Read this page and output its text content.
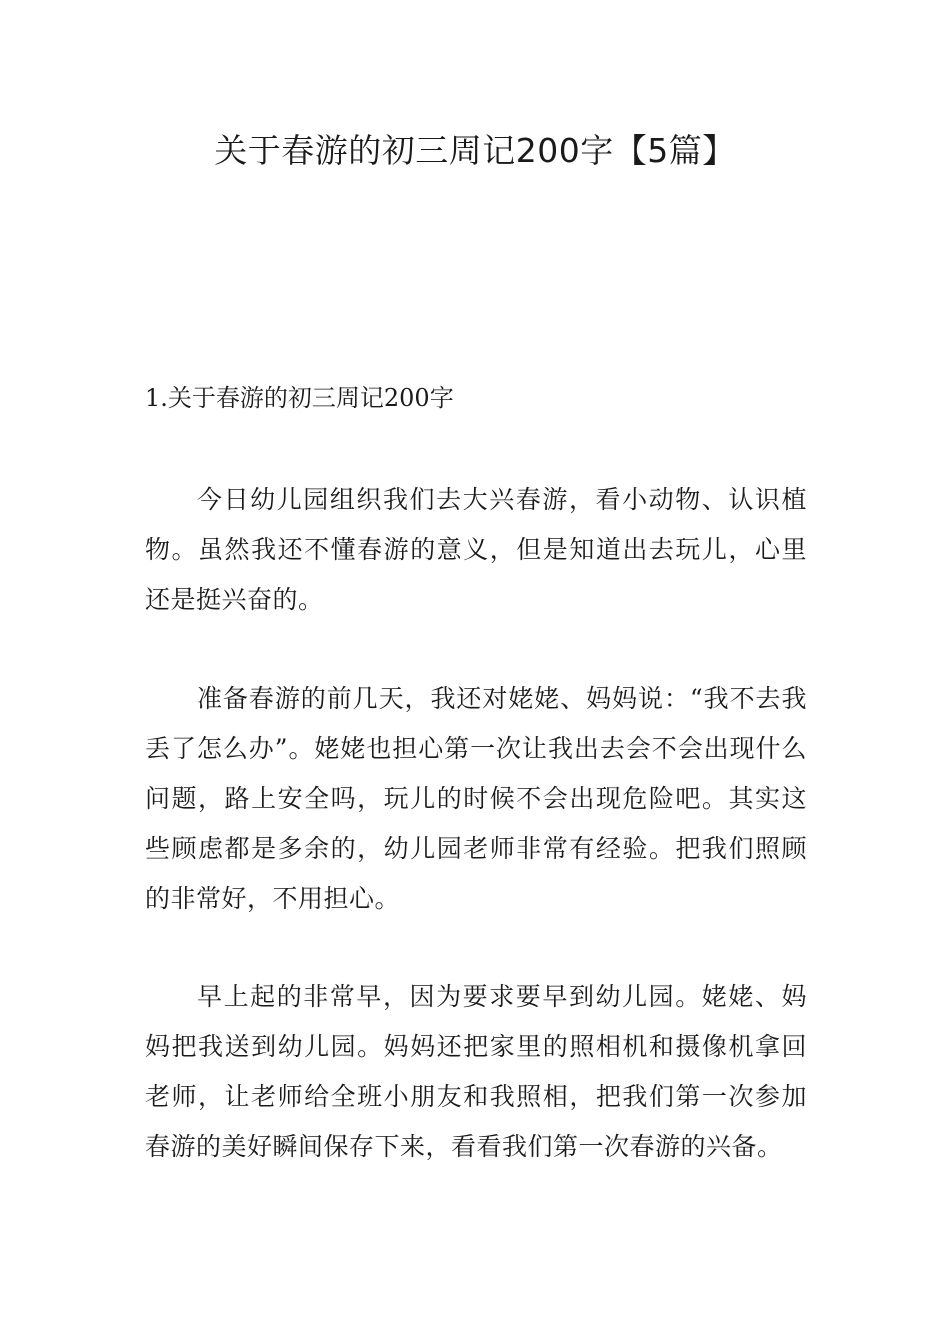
关于春游的初三周记200字【5篇】
1.关于春游的初三周记200字

今日幼儿园组织我们去大兴春游，看小动物、认识植物。虽然我还不懂春游的意义，但是知道出去玩儿，心里还是挺兴奋的。

准备春游的前几天，我还对姥姥、妈妈说：“我不去我丢了怎么办”。姥姥也担心第一次让我出去会不会出现什么问题，路上安全吗，玩儿的时候不会出现危险吧。其实这些顾虑都是多余的，幼儿园老师非常有经验。把我们照顾的非常好，不用担心。

早上起的非常早，因为要求要早到幼儿园。姥姥、妈妈把我送到幼儿园。妈妈还把家里的照相机和摄像机拿回老师，让老师给全班小朋友和我照相，把我们第一次参加春游的美好瞬间保存下来，看看我们第一次春游的兴备。
